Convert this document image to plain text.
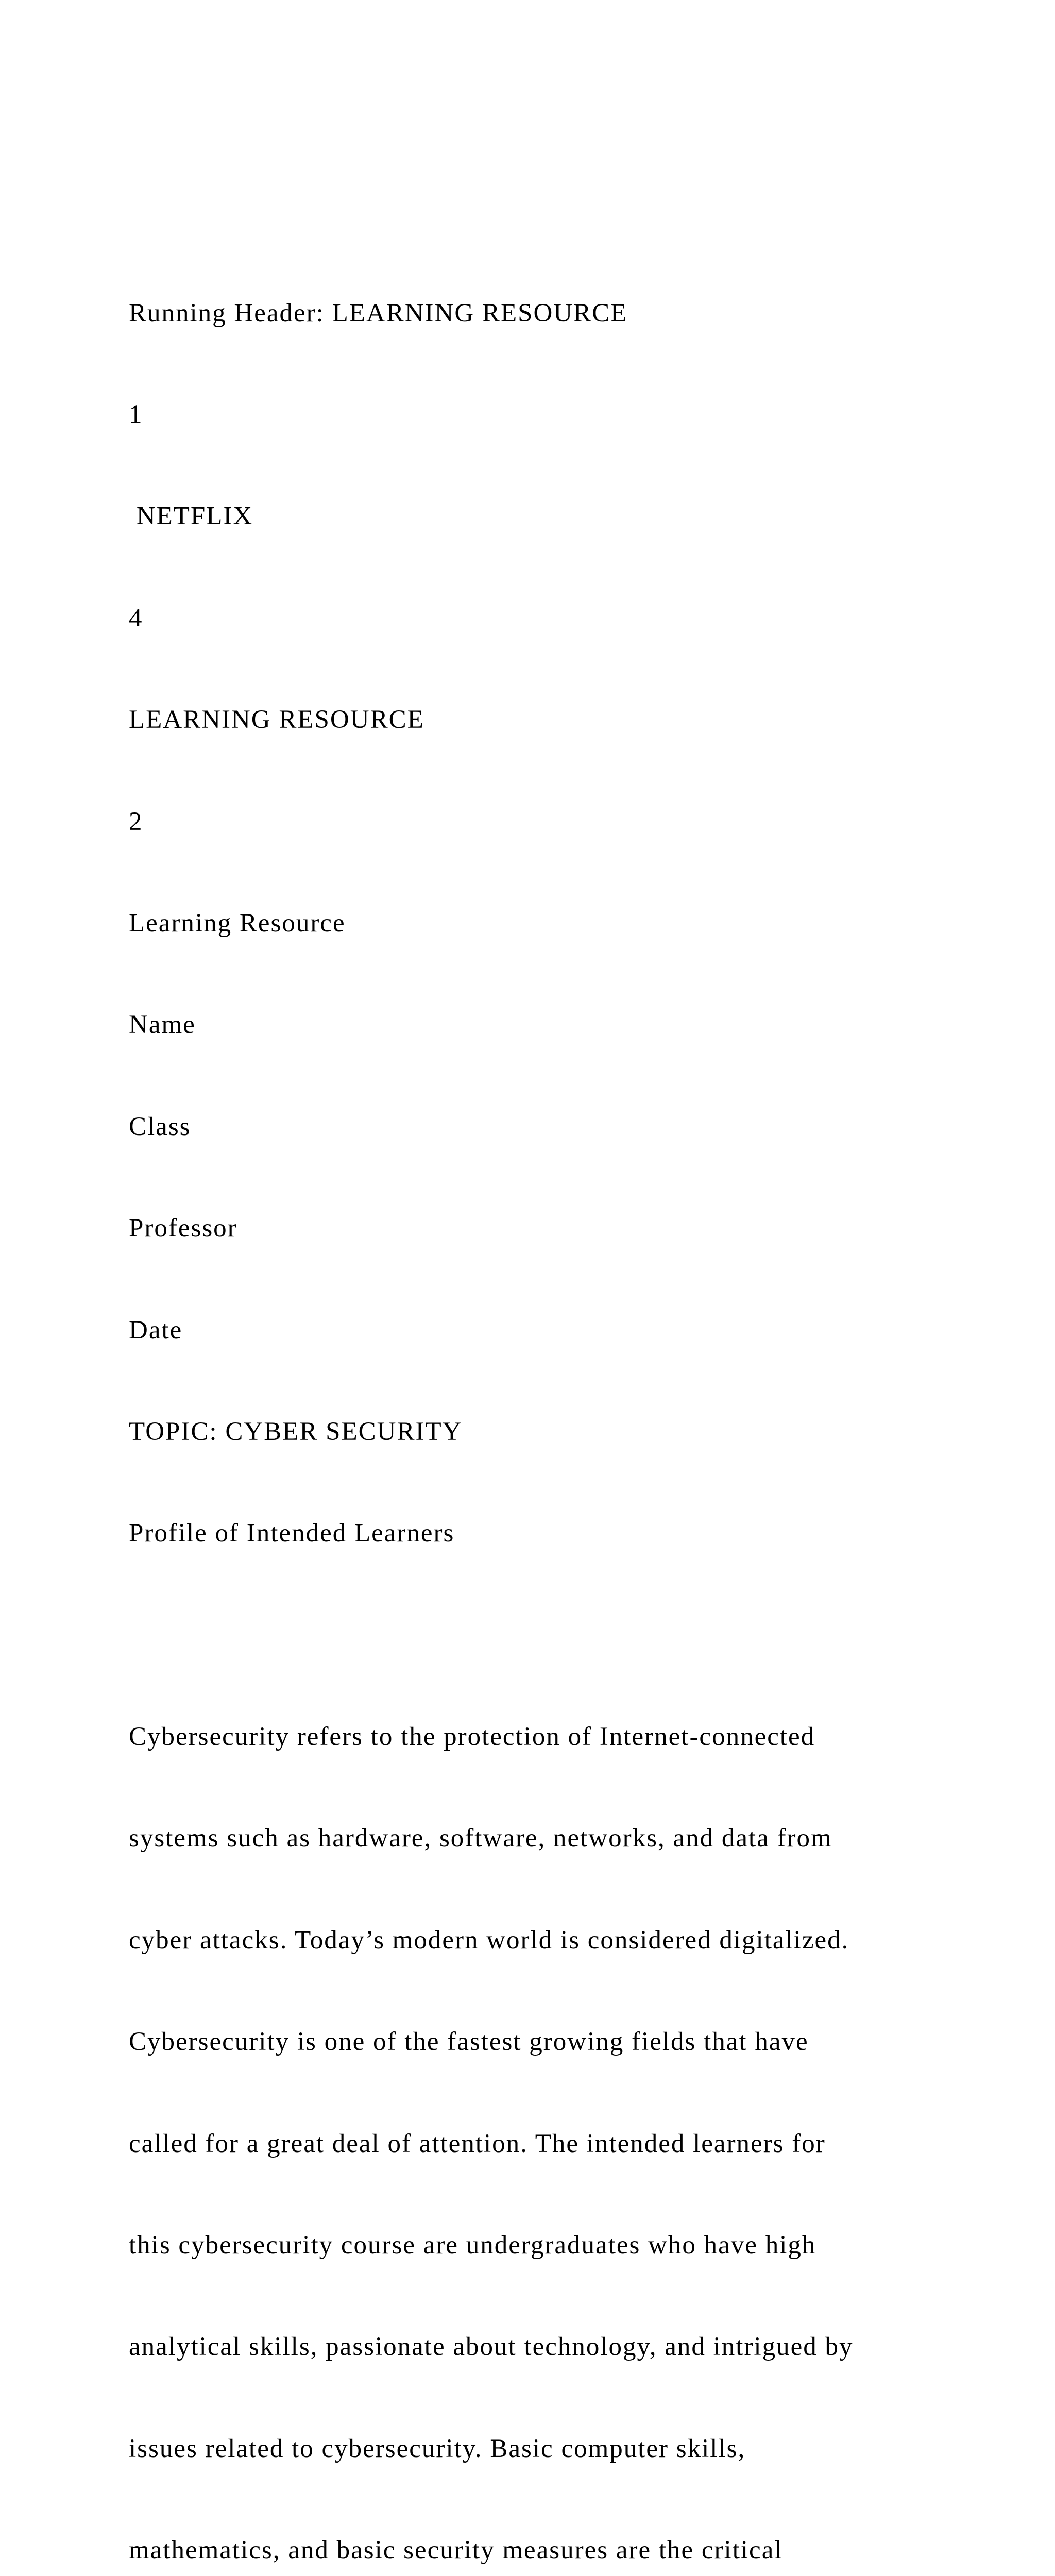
Running Header: LEARNING RESOURCE

1

NETFLIX

4

LEARNING RESOURCE

2

Learning Resource

Name

Class

Professor

Date

TOPIC: CYBER SECURITY

Profile of Intended Learners

Cybersecurity refers to the protection of Internet-connected

systems such as hardware, software, networks, and data from

cyber attacks. Today’s modern world is considered digitalized.

Cybersecurity is one of the fastest growing fields that have

called for a great deal of attention. The intended learners for

this cybersecurity course are undergraduates who have high

analytical skills, passionate about technology, and intrigued by

issues related to cybersecurity. Basic computer skills,

mathematics, and basic security measures are the critical
